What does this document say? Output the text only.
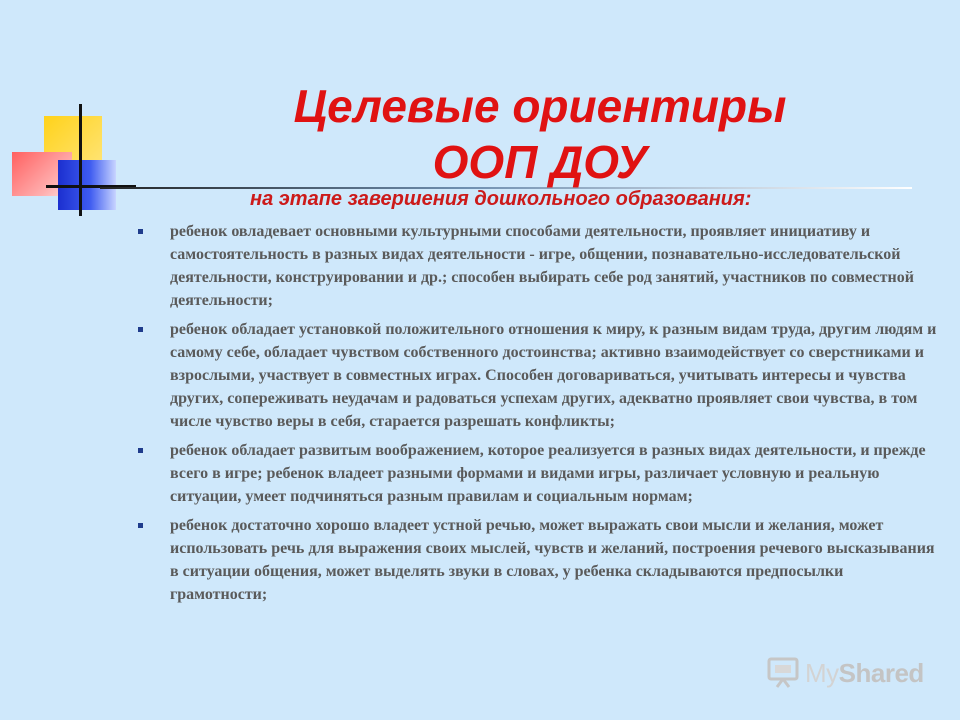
Целевые ориентиры
ООП ДОУ
на этапе завершения дошкольного образования:
ребенок овладевает основными культурными способами деятельности, проявляет инициативу и самостоятельность в разных видах деятельности - игре, общении, познавательно-исследовательской деятельности, конструировании и др.; способен выбирать себе род занятий, участников по совместной деятельности;
ребенок обладает установкой положительного отношения к миру, к разным видам труда, другим людям и самому себе, обладает чувством собственного достоинства; активно взаимодействует со сверстниками и взрослыми, участвует в совместных играх. Способен договариваться, учитывать интересы и чувства других, сопереживать неудачам и радоваться успехам других, адекватно проявляет свои чувства, в том числе чувство веры в себя, старается разрешать конфликты;
ребенок обладает развитым воображением, которое реализуется в разных видах деятельности, и прежде всего в игре; ребенок владеет разными формами и видами игры, различает условную и реальную ситуации, умеет подчиняться разным правилам и социальным нормам;
ребенок достаточно хорошо владеет устной речью, может выражать свои мысли и желания, может использовать речь для выражения своих мыслей, чувств и желаний, построения речевого высказывания в ситуации общения, может выделять звуки в словах, у ребенка складываются предпосылки грамотности;
MyShared
